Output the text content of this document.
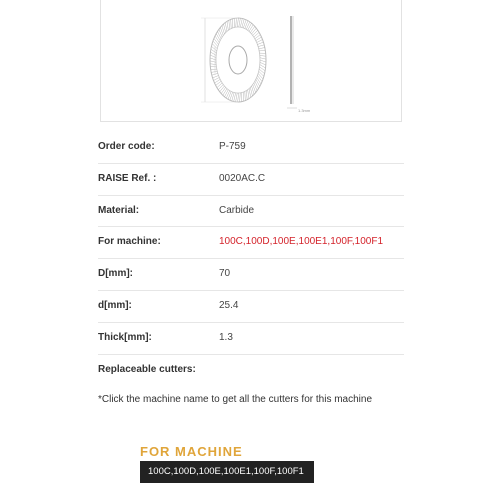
1.3mm
Order code:	P-759
RAISE Ref. :	0020AC.C
Material:	Carbide
For machine:	100C,100D,100E,100E1,100F,100F1
D[mm]:	70
d[mm]:	25.4
Thick[mm]:	1.3
Replaceable cutters:
*Click the machine name to get all the cutters for this machine
FOR MACHINE
100C,100D,100E,100E1,100F,100F1
